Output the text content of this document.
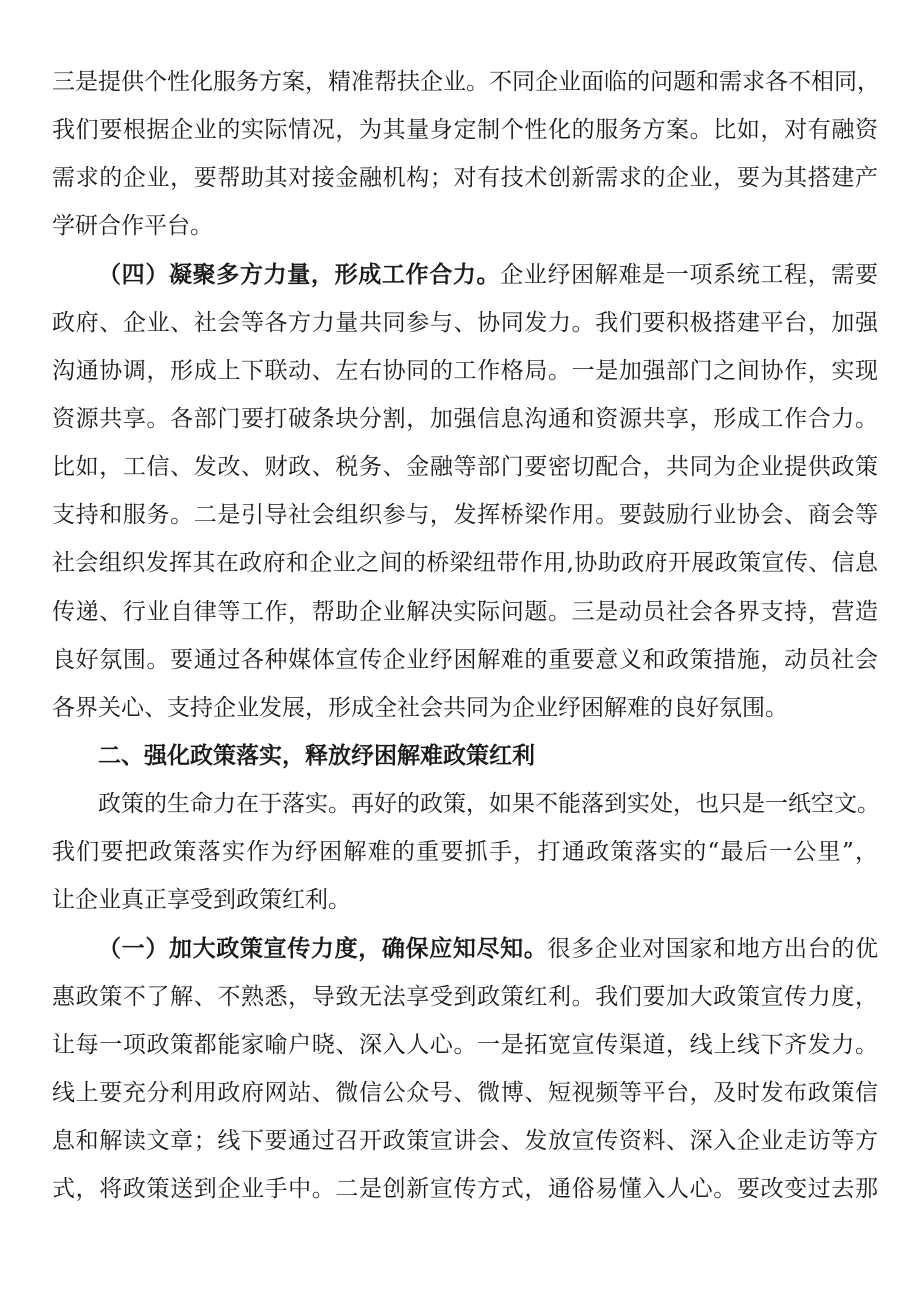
三是提供个性化服务方案，精准帮扶企业。不同企业面临的问题和需求各不相同，
我们要根据企业的实际情况，为其量身定制个性化的服务方案。比如，对有融资
需求的企业，要帮助其对接金融机构；对有技术创新需求的企业，要为其搭建产
学研合作平台。
（四）凝聚多方力量，形成工作合力。企业纾困解难是一项系统工程，需要
政府、企业、社会等各方力量共同参与、协同发力。我们要积极搭建平台，加强
沟通协调，形成上下联动、左右协同的工作格局。一是加强部门之间协作，实现
资源共享。各部门要打破条块分割，加强信息沟通和资源共享，形成工作合力。
比如，工信、发改、财政、税务、金融等部门要密切配合，共同为企业提供政策
支持和服务。二是引导社会组织参与，发挥桥梁作用。要鼓励行业协会、商会等
社会组织发挥其在政府和企业之间的桥梁纽带作用,协助政府开展政策宣传、信息
传递、行业自律等工作，帮助企业解决实际问题。三是动员社会各界支持，营造
良好氛围。要通过各种媒体宣传企业纾困解难的重要意义和政策措施，动员社会
各界关心、支持企业发展，形成全社会共同为企业纾困解难的良好氛围。
二、强化政策落实，释放纾困解难政策红利
政策的生命力在于落实。再好的政策，如果不能落到实处，也只是一纸空文。
我们要把政策落实作为纾困解难的重要抓手，打通政策落实的“最后一公里”，
让企业真正享受到政策红利。
（一）加大政策宣传力度，确保应知尽知。很多企业对国家和地方出台的优
惠政策不了解、不熟悉，导致无法享受到政策红利。我们要加大政策宣传力度，
让每一项政策都能家喻户晓、深入人心。一是拓宽宣传渠道，线上线下齐发力。
线上要充分利用政府网站、微信公众号、微博、短视频等平台，及时发布政策信
息和解读文章；线下要通过召开政策宣讲会、发放宣传资料、深入企业走访等方
式，将政策送到企业手中。二是创新宣传方式，通俗易懂入人心。要改变过去那
